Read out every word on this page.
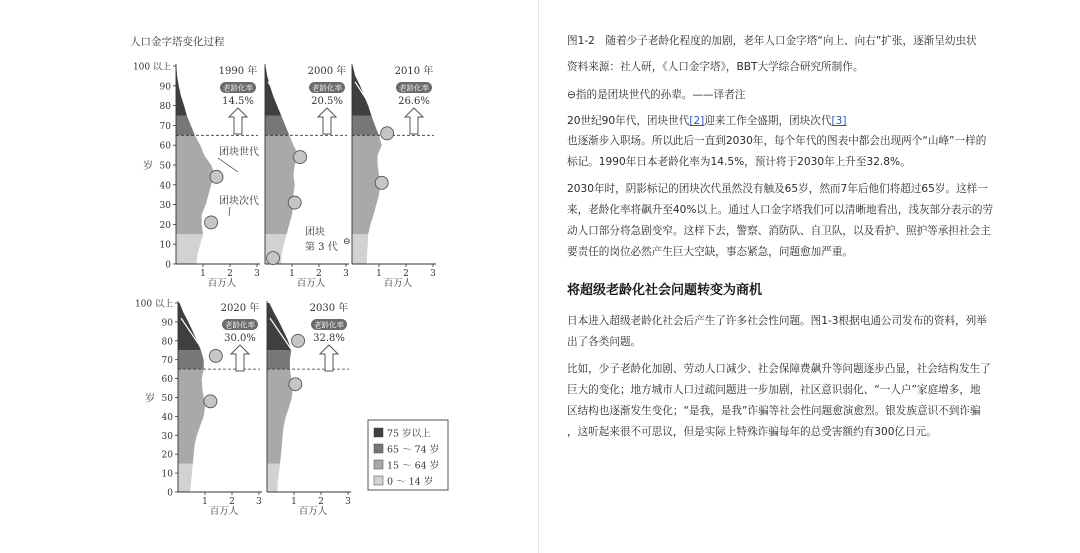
人口金字塔变化过程
1 2 3
百万人
100 以上
90
80
70
60
50
40
30
20
10
0
岁
1990 年
老龄化率
14.5%
1 2 3
百万人
2000 年
老龄化率
20.5%
1 2 3
百万人
2010 年
老龄化率
26.6%
1 2 3
百万人
100 以上
90
80
70
60
50
40
30
20
10
0
岁
2020 年
老龄化率
30.0%
1 2 3
百万人
2030 年
老龄化率
32.8%
团块世代
团块次代
团块
第 3 代 ⊖
75 岁以上
65 ～ 74 岁
15 ～ 64 岁
0 ～ 14 岁
图1-2　随着少子老龄化程度的加剧，老年人口金字塔“向上、向右”扩张，逐渐呈幼虫状
资料来源：社人研，《人口金字塔》，BBT大学综合研究所制作。
⊖指的是团块世代的孙辈。——译者注
20世纪90年代，团块世代[2]迎来工作全盛期，团块次代[3]
也逐渐步入职场。所以此后一直到2030年，每个年代的图表中都会出现两个“山峰”一样的
标记。1990年日本老龄化率为14.5%，预计将于2030年上升至32.8%。
2030年时，阴影标记的团块次代虽然没有触及65岁，然而7年后他们将超过65岁。这样一
来，老龄化率将飙升至40%以上。通过人口金字塔我们可以清晰地看出，浅灰部分表示的劳
动人口部分将急剧变窄。这样下去，警察、消防队、自卫队，以及看护、照护等承担社会主
要责任的岗位必然产生巨大空缺，事态紧急，问题愈加严重。
将超级老龄化社会问题转变为商机
日本进入超级老龄化社会后产生了许多社会性问题。图1-3根据电通公司发布的资料，列举
出了各类问题。
比如，少子老龄化加剧、劳动人口减少、社会保障费飙升等问题逐步凸显，社会结构发生了
巨大的变化；地方城市人口过疏问题进一步加剧，社区意识弱化、“一人户”家庭增多，地
区结构也逐渐发生变化；“是我，是我”诈骗等社会性问题愈演愈烈。银发族意识不到诈骗
，这听起来很不可思议，但是实际上特殊诈骗每年的总受害额约有300亿日元。
